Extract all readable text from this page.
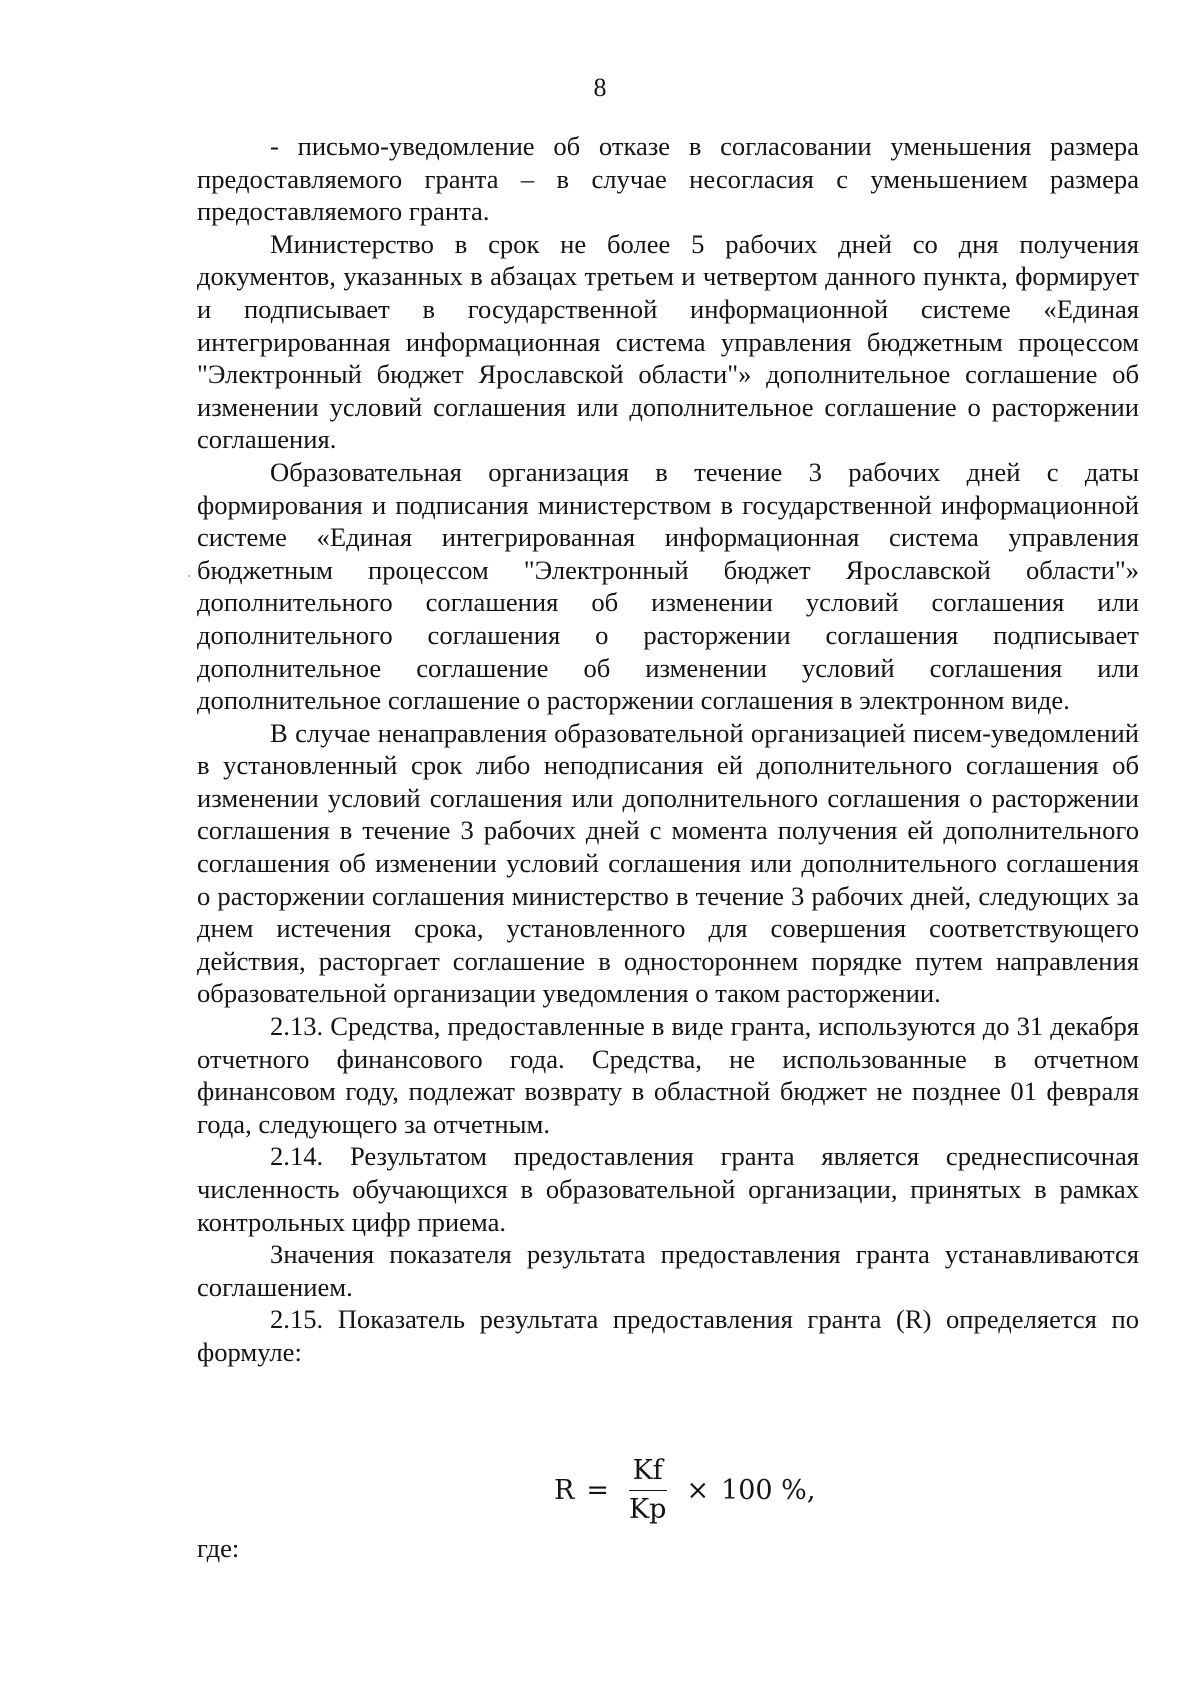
8

- письмо-уведомление об отказе в согласовании уменьшения размера предоставляемого гранта – в случае несогласия с уменьшением размера предоставляемого гранта.

Министерство в срок не более 5 рабочих дней со дня получения документов, указанных в абзацах третьем и четвертом данного пункта, формирует и подписывает в государственной информационной системе «Единая интегрированная информационная система управления бюджетным процессом "Электронный бюджет Ярославской области"» дополнительное соглашение об изменении условий соглашения или дополнительное соглашение о расторжении соглашения.

Образовательная организация в течение 3 рабочих дней с даты формирования и подписания министерством в государственной информационной системе «Единая интегрированная информационная система управления бюджетным процессом "Электронный бюджет Ярославской области"» дополнительного соглашения об изменении условий соглашения или дополнительного соглашения о расторжении соглашения подписывает дополнительное соглашение об изменении условий соглашения или дополнительное соглашение о расторжении соглашения в электронном виде.

В случае ненаправления образовательной организацией писем-уведомлений в установленный срок либо неподписания ей дополнительного соглашения об изменении условий соглашения или дополнительного соглашения о расторжении соглашения в течение 3 рабочих дней с момента получения ей дополнительного соглашения об изменении условий соглашения или дополнительного соглашения о расторжении соглашения министерство в течение 3 рабочих дней, следующих за днем истечения срока, установленного для совершения соответствующего действия, расторгает соглашение в одностороннем порядке путем направления образовательной организации уведомления о таком расторжении.

2.13. Средства, предоставленные в виде гранта, используются до 31 декабря отчетного финансового года. Средства, не использованные в отчетном финансовом году, подлежат возврату в областной бюджет не позднее 01 февраля года, следующего за отчетным.

2.14. Результатом предоставления гранта является среднесписочная численность обучающихся в образовательной организации, принятых в рамках контрольных цифр приема.

Значения показателя результата предоставления гранта устанавливаются соглашением.

2.15. Показатель результата предоставления гранта (R) определяется по формуле:

$R = \frac{Kf}{Kp} \times 100$ %,
где:
